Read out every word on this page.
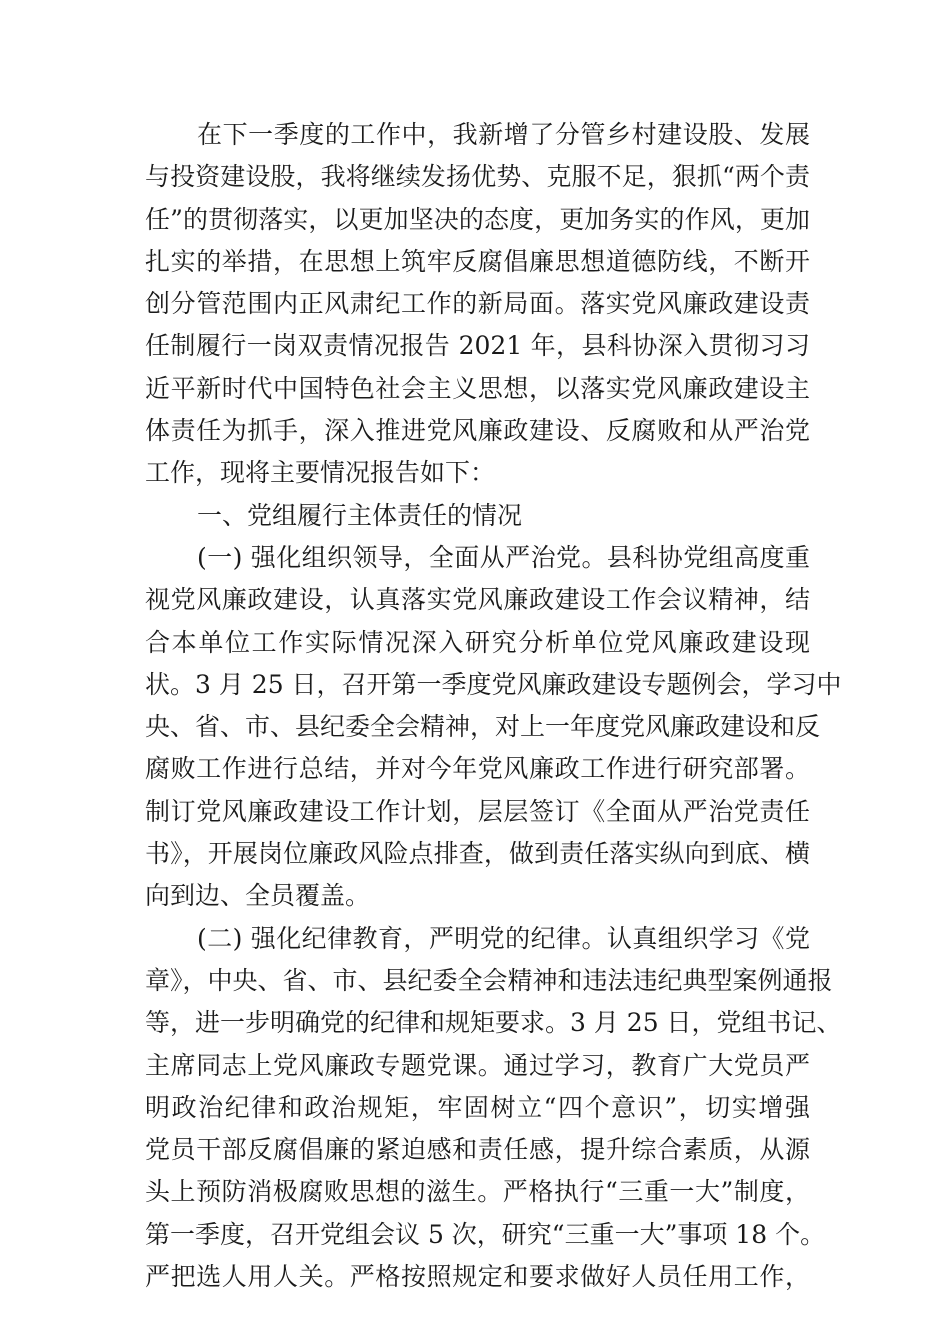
在下一季度的工作中，我新增了分管乡村建设股、发展
与投资建设股，我将继续发扬优势、克服不足，狠抓“两个责
任”的贯彻落实，以更加坚决的态度，更加务实的作风，更加
扎实的举措，在思想上筑牢反腐倡廉思想道德防线，不断开
创分管范围内正风肃纪工作的新局面。落实党风廉政建设责
任制履行一岗双责情况报告 2021 年，县科协深入贯彻习习
近平新时代中国特色社会主义思想，以落实党风廉政建设主
体责任为抓手，深入推进党风廉政建设、反腐败和从严治党
工作，现将主要情况报告如下：
一、党组履行主体责任的情况
(一) 强化组织领导，全面从严治党。县科协党组高度重
视党风廉政建设，认真落实党风廉政建设工作会议精神，结
合本单位工作实际情况深入研究分析单位党风廉政建设现
状。3 月 25 日，召开第一季度党风廉政建设专题例会，学习中
央、省、市、县纪委全会精神，对上一年度党风廉政建设和反
腐败工作进行总结，并对今年党风廉政工作进行研究部署。
制订党风廉政建设工作计划，层层签订《全面从严治党责任
书》，开展岗位廉政风险点排查，做到责任落实纵向到底、横
向到边、全员覆盖。
(二) 强化纪律教育，严明党的纪律。认真组织学习《党
章》，中央、省、市、县纪委全会精神和违法违纪典型案例通报
等，进一步明确党的纪律和规矩要求。3 月 25 日，党组书记、
主席同志上党风廉政专题党课。通过学习，教育广大党员严
明政治纪律和政治规矩，牢固树立“四个意识”，切实增强
党员干部反腐倡廉的紧迫感和责任感，提升综合素质，从源
头上预防消极腐败思想的滋生。严格执行“三重一大”制度，
第一季度，召开党组会议 5 次，研究“三重一大”事项 18 个。
严把选人用人关。严格按照规定和要求做好人员任用工作，
